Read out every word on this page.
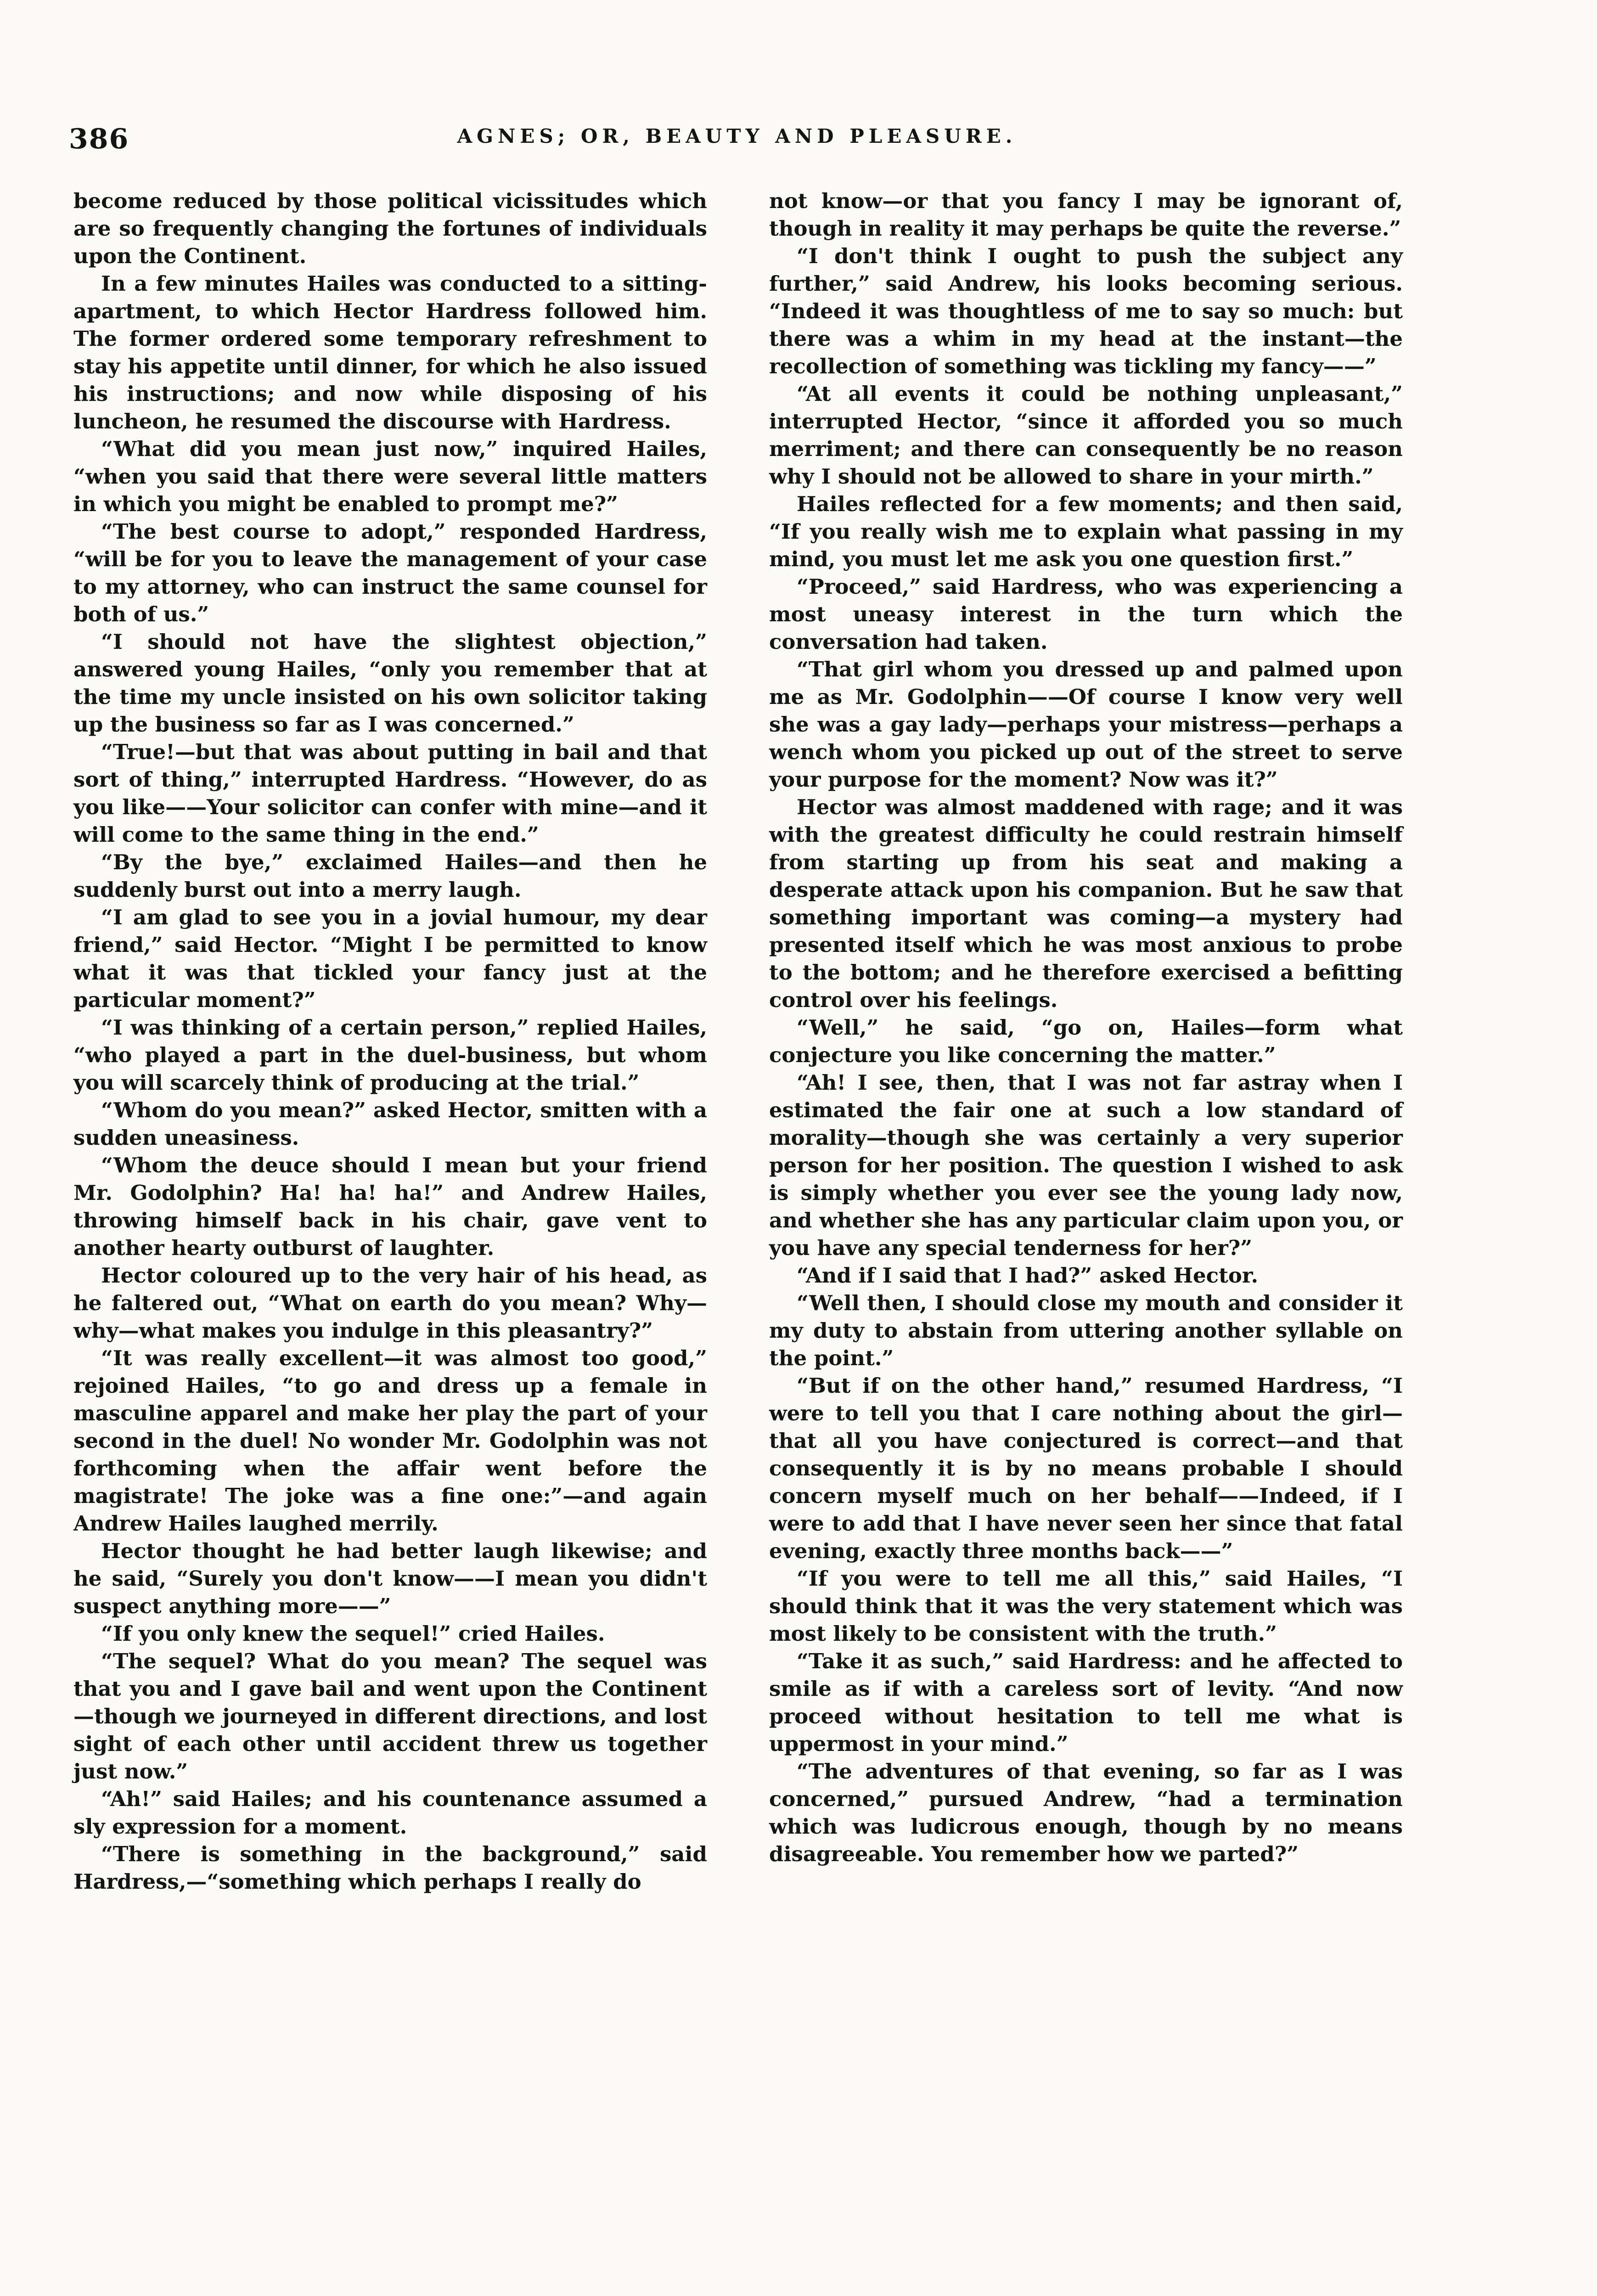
386	AGNES; OR, BEAUTY AND PLEASURE.

become reduced by those political vicissitudes which are so frequently changing the fortunes of individuals upon the Continent.

In a few minutes Hailes was conducted to a sitting-apartment, to which Hector Hardress followed him. The former ordered some temporary refreshment to stay his appetite until dinner, for which he also issued his instructions; and now while disposing of his luncheon, he resumed the discourse with Hardress.

“What did you mean just now,” inquired Hailes, “when you said that there were several little matters in which you might be enabled to prompt me?”

“The best course to adopt,” responded Hardress, “will be for you to leave the management of your case to my attorney, who can instruct the same counsel for both of us.”

“I should not have the slightest objection,” answered young Hailes, “only you remember that at the time my uncle insisted on his own solicitor taking up the business so far as I was concerned.”

“True!—but that was about putting in bail and that sort of thing,” interrupted Hardress. “However, do as you like——Your solicitor can confer with mine—and it will come to the same thing in the end.”

“By the bye,” exclaimed Hailes—and then he suddenly burst out into a merry laugh.

“I am glad to see you in a jovial humour, my dear friend,” said Hector. “Might I be permitted to know what it was that tickled your fancy just at the particular moment?”

“I was thinking of a certain person,” replied Hailes, “who played a part in the duel-business, but whom you will scarcely think of producing at the trial.”

“Whom do you mean?” asked Hector, smitten with a sudden uneasiness.

“Whom the deuce should I mean but your friend Mr. Godolphin? Ha! ha! ha!” and Andrew Hailes, throwing himself back in his chair, gave vent to another hearty outburst of laughter.

Hector coloured up to the very hair of his head, as he faltered out, “What on earth do you mean? Why—why—what makes you indulge in this pleasantry?”

“It was really excellent—it was almost too good,” rejoined Hailes, “to go and dress up a female in masculine apparel and make her play the part of your second in the duel! No wonder Mr. Godolphin was not forthcoming when the affair went before the magistrate! The joke was a fine one:”—and again Andrew Hailes laughed merrily.

Hector thought he had better laugh likewise; and he said, “Surely you don't know——I mean you didn't suspect anything more——”

“If you only knew the sequel!” cried Hailes.

“The sequel? What do you mean? The sequel was that you and I gave bail and went upon the Continent—though we journeyed in different directions, and lost sight of each other until accident threw us together just now.”

“Ah!” said Hailes; and his countenance assumed a sly expression for a moment.

“There is something in the background,” said Hardress,—“something which perhaps I really do

not know—or that you fancy I may be ignorant of, though in reality it may perhaps be quite the reverse.”

“I don't think I ought to push the subject any further,” said Andrew, his looks becoming serious. “Indeed it was thoughtless of me to say so much: but there was a whim in my head at the instant—the recollection of something was tickling my fancy——”

“At all events it could be nothing unpleasant,” interrupted Hector, “since it afforded you so much merriment; and there can consequently be no reason why I should not be allowed to share in your mirth.”

Hailes reflected for a few moments; and then said, “If you really wish me to explain what passing in my mind, you must let me ask you one question first.”

“Proceed,” said Hardress, who was experiencing a most uneasy interest in the turn which the conversation had taken.

“That girl whom you dressed up and palmed upon me as Mr. Godolphin——Of course I know very well she was a gay lady—perhaps your mistress—perhaps a wench whom you picked up out of the street to serve your purpose for the moment? Now was it?”

Hector was almost maddened with rage; and it was with the greatest difficulty he could restrain himself from starting up from his seat and making a desperate attack upon his companion. But he saw that something important was coming—a mystery had presented itself which he was most anxious to probe to the bottom; and he therefore exercised a befitting control over his feelings.

“Well,” he said, “go on, Hailes—form what conjecture you like concerning the matter.”

“Ah! I see, then, that I was not far astray when I estimated the fair one at such a low standard of morality—though she was certainly a very superior person for her position. The question I wished to ask is simply whether you ever see the young lady now, and whether she has any particular claim upon you, or you have any special tenderness for her?”

“And if I said that I had?” asked Hector.

“Well then, I should close my mouth and consider it my duty to abstain from uttering another syllable on the point.”

“But if on the other hand,” resumed Hardress, “I were to tell you that I care nothing about the girl—that all you have conjectured is correct—and that consequently it is by no means probable I should concern myself much on her behalf——Indeed, if I were to add that I have never seen her since that fatal evening, exactly three months back——”

“If you were to tell me all this,” said Hailes, “I should think that it was the very statement which was most likely to be consistent with the truth.”

“Take it as such,” said Hardress: and he affected to smile as if with a careless sort of levity. “And now proceed without hesitation to tell me what is uppermost in your mind.”

“The adventures of that evening, so far as I was concerned,” pursued Andrew, “had a termination which was ludicrous enough, though by no means disagreeable. You remember how we parted?”
